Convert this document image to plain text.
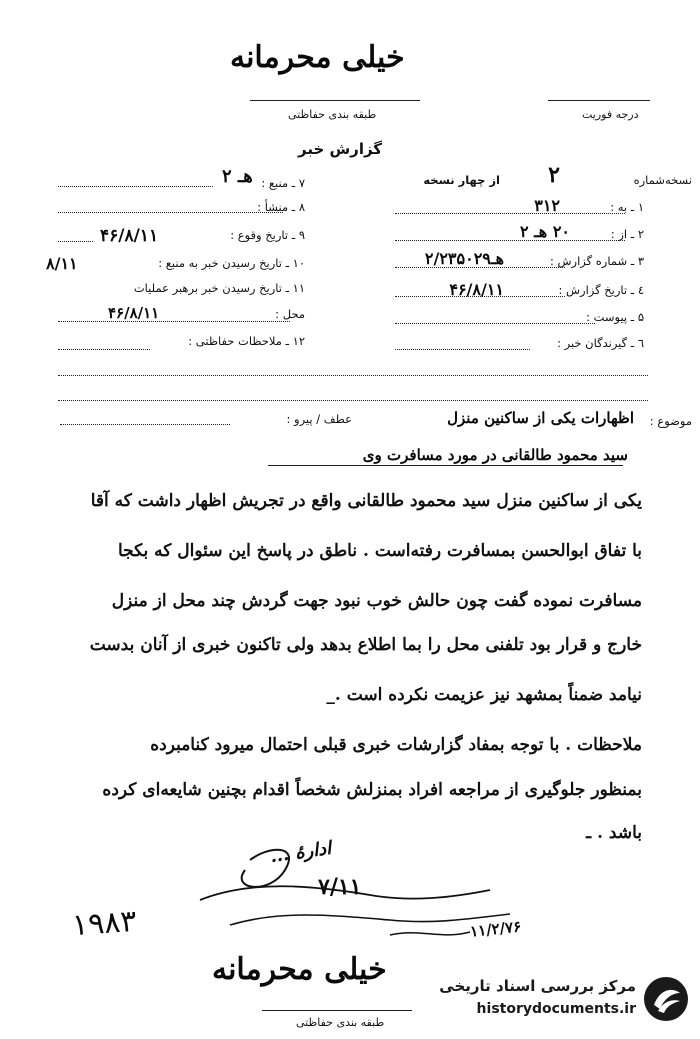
خیلی محرمانه
طبقه بندی حفاظتی	درجه فوریت
گزارش خبر
نسخه‌شماره
۲
از چهار نسخه
۱ ـ به :
۳۱۲
۲ ـ از :
۲۰ هـ ۲
۳ ـ شماره گزارش :
هـ۲/۲۳۵۰۲۹
٤ ـ تاریخ گزارش :
۴۶/۸/۱۱
۵ ـ پیوست :
٦ ـ گیرندگان خبر :
هـ ۲ ۷ ـ منبع :
۸ ـ منشأ :
۴۶/۸/۱۱	۹ ـ تاریخ وقوع :
۸/۱۱	۱۰ ـ تاریخ رسیدن خبر به منبع :
۱۱ ـ تاریخ رسیدن خبر برهبر عملیات
۴۶/۸/۱۱	محل :
۱۲ ـ ملاحظات حفاظتی :
موضوع :
اظهارات یکی از ساکنین منزل
عطف / پیرو :
سید محمود طالقانی در مورد مسافرت وی
یکی از ساکنین منزل سید محمود طالقانی واقع در تجریش اظهار داشت که آقا
با تفاق ابوالحسن بمسافرت رفته‌است . ناطق در پاسخ این سئوال که بکجا
مسافرت نموده گفت چون حالش خوب نبود جهت گردش چند محل از منزل
خارج و قرار بود تلفنی محل را بما اطلاع بدهد ولی تاکنون خبری از آنان بدست
نیامد ضمناً بمشهد نیز عزیمت نکرده است ._
ملاحظات . با توجه بمفاد گزارشات خبری قبلی احتمال میرود کنامبرده
بمنظور جلوگیری از مراجعه افراد بمنزلش شخصاً اقدام بچنین شایعه‌ای کرده
باشد . ـ
ادارهٔ ...
۷/۱۱
۱۱/۲/۷۶
۱۹۸۳
خیلی محرمانه
طبقه بندی حفاظتی
مرکز بررسی اسناد تاریخی
historydocuments.ir
